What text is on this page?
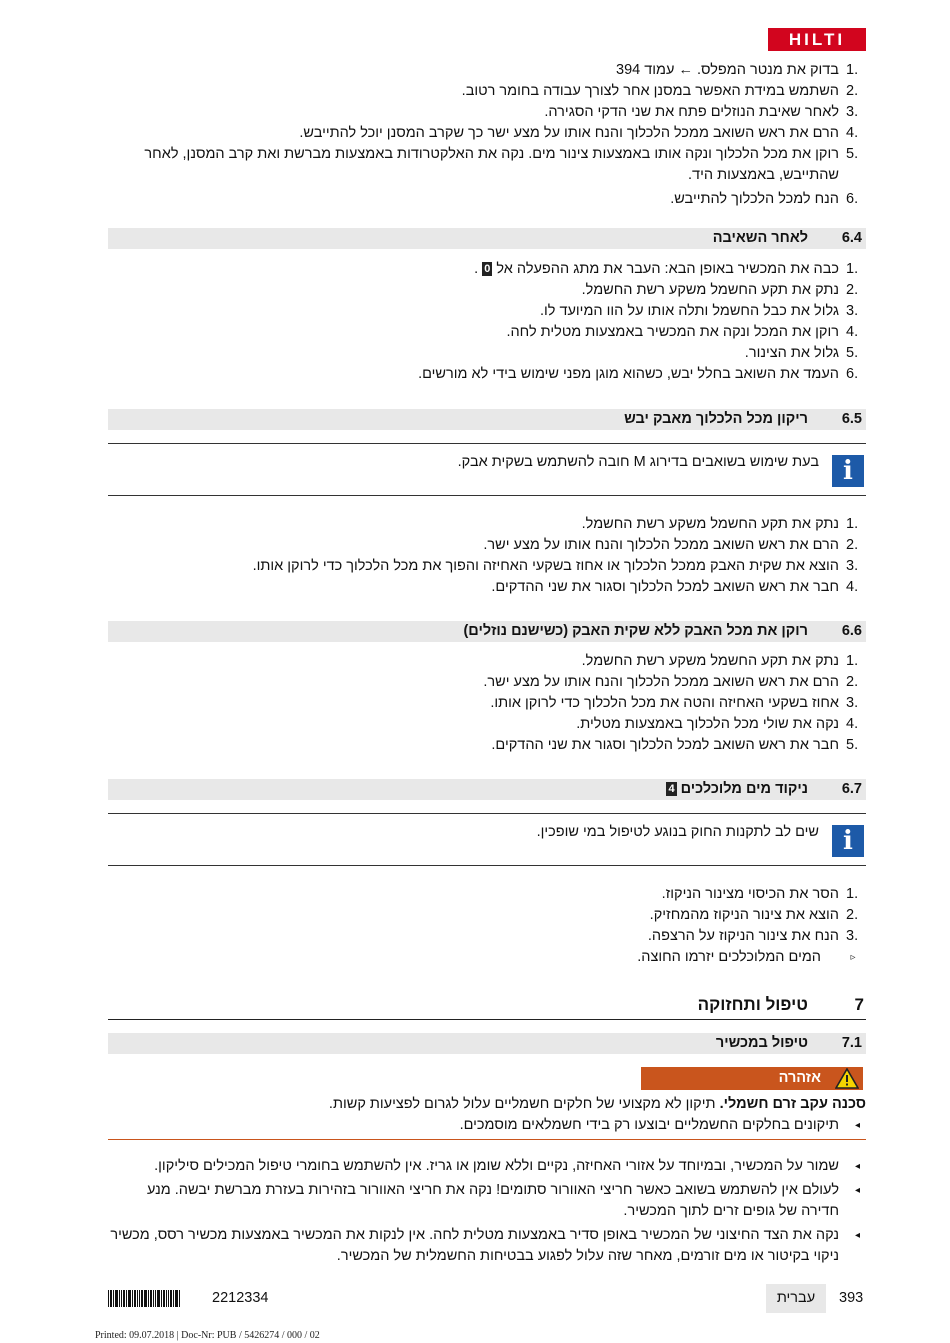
HILTI
1.
בדוק את מנטר המפלס. ← עמוד 394
2.
השתמש במידת האפשר במסנן אחר לצורך עבודה בחומר רטוב.
3.
לאחר שאיבת הנוזלים פתח את שני הדקי הסגירה.
4.
הרם את ראש השואב ממכל הלכלוך והנח אותו על מצע ישר כך שקרב המסנן יוכל להתייבש.
5.
רוקן את מכל הלכלוך ונקה אותו באמצעות צינור מים. נקה את האלקטרודות באמצעות מברשת ואת קרב המסנן, לאחר שהתייבש, באמצעות היד.
6.
הנח למכל הלכלוך להתייבש.
6.4
לאחר השאיבה
1.
כבה את המכשיר באופן הבא: העבר את מתג ההפעלה אל 0 .
2.
נתק את תקע החשמל משקע רשת החשמל.
3.
גלול את כבל החשמל ותלה אותו על הוו המיועד לו.
4.
רוקן את המכל ונקה את המכשיר באמצעות מטלית לחה.
5.
גלול את הצינור.
6.
העמד את השואב בחלל יבש, כשהוא מוגן מפני שימוש בידי לא מורשים.
6.5
ריקון מכל הלכלוך מאבק יבש
i
בעת שימוש בשואבים בדירוג M חובה להשתמש בשקית אבק.
1.
נתק את תקע החשמל משקע רשת החשמל.
2.
הרם את ראש השואב ממכל הלכלוך והנח אותו על מצע ישר.
3.
הוצא את שקית האבק ממכל הלכלוך או אחוז בשקעי האחיזה והפוך את מכל הלכלוך כדי לרוקן אותו.
4.
חבר את ראש השואב למכל הלכלוך וסגור את שני ההדקים.
6.6
רוקן את מכל האבק ללא שקית האבק (כשישנם נוזלים)
1.
נתק את תקע החשמל משקע רשת החשמל.
2.
הרם את ראש השואב ממכל הלכלוך והנח אותו על מצע ישר.
3.
אחוז בשקעי האחיזה והטה את מכל הלכלוך כדי לרוקן אותו.
4.
נקה את שולי מכל הלכלוך באמצעות מטלית.
5.
חבר את ראש השואב למכל הלכלוך וסגור את שני ההדקים.
6.7
ניקוד מים מלוכלכים 4
i
שים לב לתקנות החוק בנוגע לטיפול במי שופכין.
1.
הסר את הכיסוי מצינור הניקוז.
2.
הוצא את צינור הניקוז מהמחזיק.
3.
הנח את צינור הניקוז על הרצפה.
▹
המים המלוכלכים יזרמו החוצה.
7
טיפול ותחזוקה
7.1
טיפול במכשיר
אזהרה
סכנה עקב זרם חשמלי. תיקון לא מקצועי של חלקים חשמליים עלול לגרום לפציעות קשות.
◂
תיקונים בחלקים החשמליים יבוצעו רק בידי חשמלאים מוסמכים.
◂
שמור על המכשיר, ובמיוחד על אזורי האחיזה, נקיים וללא שומן או גריז. אין להשתמש בחומרי טיפול המכילים סיליקון.
◂
לעולם אין להשתמש בשואב כאשר חריצי האוורור סתומים! נקה את חריצי האוורור בזהירות בעזרת מברשת יבשה. מנע חדירה של גופים זרים לתוך המכשיר.
◂
נקה את הצד החיצוני של המכשיר באופן סדיר באמצעות מטלית לחה. אין לנקות את המכשיר באמצעות מכשיר רסס, מכשיר ניקוי בקיטור או מים זורמים, מאחר שזה עלול לפגוע בבטיחות החשמלית של המכשיר.
393
עברית
2212334
Printed: 09.07.2018 | Doc-Nr: PUB / 5426274 / 000 / 02
